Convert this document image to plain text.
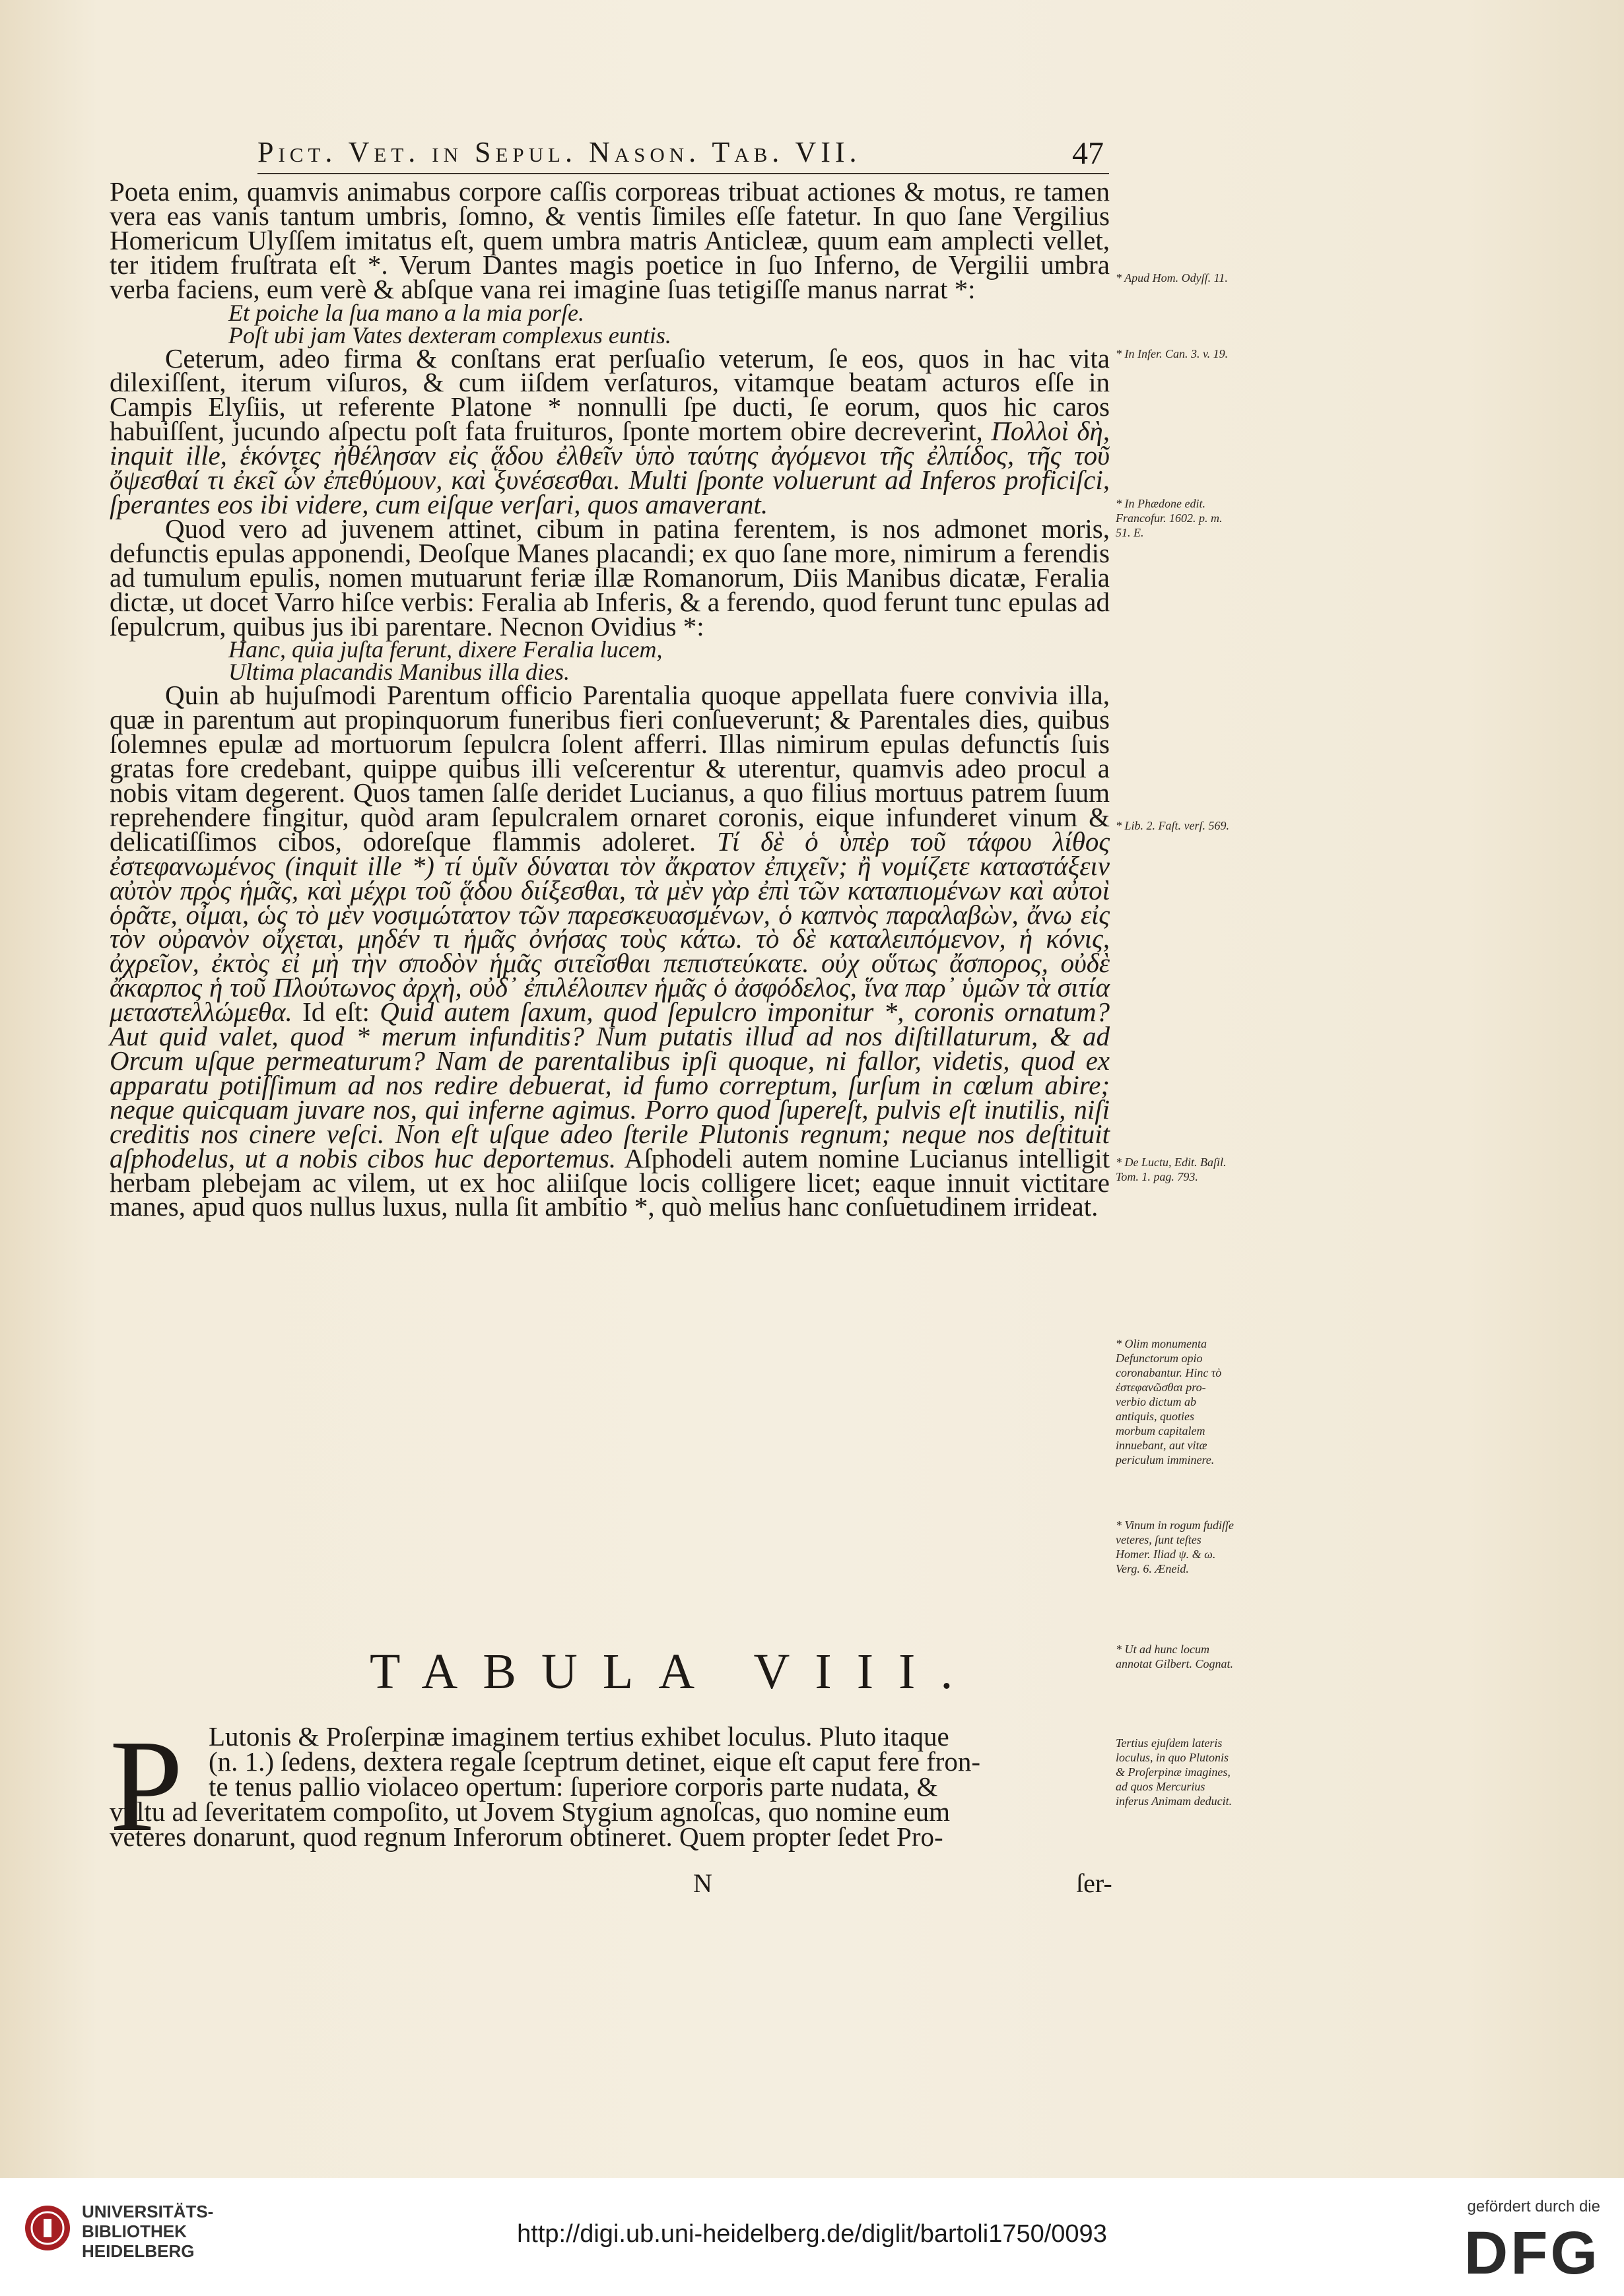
Pict. Vet. in Sepul. Nason. Tab. VII.	47

Poeta enim, quamvis animabus corpore caſſis corporeas tribuat actiones & motus, re tamen vera eas vanis tantum umbris, ſomno, & ventis ſimiles eſſe fatetur. In quo ſane Vergilius Homericum Ulyſſem imitatus eſt, quem umbra matris Anticleæ, quum eam amplecti vellet, ter itidem fruſtrata eſt *. Verum Dantes magis poetice in ſuo Inferno, de Vergilii umbra verba faciens, eum verè & abſque vana rei imagine ſuas tetigiſſe manus narrat *:

Et poiche la ſua mano a la mia porſe.
Poſt ubi jam Vates dexteram complexus euntis.

Ceterum, adeo firma & conſtans erat perſuaſio veterum, ſe eos, quos in hac vita dilexiſſent, iterum viſuros, & cum iiſdem verſaturos, vitamque beatam acturos eſſe in Campis Elyſiis, ut referente Platone * nonnulli ſpe ducti, ſe eorum, quos hic caros habuiſſent, jucundo aſpectu poſt fata fruituros, ſponte mortem obire decreverint, Πολλοὶ δὴ, inquit ille, ἑκόντες ἠθέλησαν εἰς ᾅδου ἐλθεῖν ὑπὸ ταύτης ἀγόμενοι τῆς ἐλπίδος, τῆς τοῦ ὄψεσθαί τι ἐκεῖ ὧν ἐπεθύμουν, καὶ ξυνέσεσθαι. Multi ſponte voluerunt ad Inferos proficiſci, ſperantes eos ibi videre, cum eiſque verſari, quos amaverant.

Quod vero ad juvenem attinet, cibum in patina ferentem, is nos admonet moris, defunctis epulas apponendi, Deoſque Manes placandi; ex quo ſane more, nimirum a ferendis ad tumulum epulis, nomen mutuarunt feriæ illæ Romanorum, Diis Manibus dicatæ, Feralia dictæ, ut docet Varro hiſce verbis: Feralia ab Inferis, & a ferendo, quod ferunt tunc epulas ad ſepulcrum, quibus jus ibi parentare. Necnon Ovidius *:

Hanc, quia juſta ferunt, dixere Feralia lucem,
Ultima placandis Manibus illa dies.

Quin ab hujuſmodi Parentum officio Parentalia quoque appellata fuere convivia illa, quæ in parentum aut propinquorum funeribus fieri conſueverunt; & Parentales dies, quibus ſolemnes epulæ ad mortuorum ſepulcra ſolent afferri. Illas nimirum epulas defunctis ſuis gratas fore credebant, quippe quibus illi veſcerentur & uterentur, quamvis adeo procul a nobis vitam degerent. Quos tamen ſalſe deridet Lucianus, a quo filius mortuus patrem ſuum reprehendere fingitur, quòd aram ſepulcralem ornaret coronis, eique infunderet vinum & delicatiſſimos cibos, odoreſque flammis adoleret. Τί δὲ ὁ ὑπὲρ τοῦ τάφου λίθος ἐστεφανωμένος (inquit ille *) τί ὑμῖν δύναται τὸν ἄκρατον ἐπιχεῖν; ἢ νομίζετε καταστάξειν αὐτὸν πρὸς ἡμᾶς, καὶ μέχρι τοῦ ᾅδου διίξεσθαι, τὰ μὲν γὰρ ἐπὶ τῶν καταπιομένων καὶ αὐτοὶ ὁρᾶτε, οἶμαι, ὡς τὸ μὲν νοσιμώτατον τῶν παρεσκευασμένων, ὁ καπνὸς παραλαβὼν, ἄνω εἰς τὸν οὐρανὸν οἴχεται, μηδέν τι ἡμᾶς ὀνήσας τοὺς κάτω. τὸ δὲ καταλειπόμενον, ἡ κόνις, ἀχρεῖον, ἐκτὸς εἰ μὴ τὴν σποδὸν ἡμᾶς σιτεῖσθαι πεπιστεύκατε. οὐχ οὕτως ἄσπορος, οὐδὲ ἄκαρπος ἡ τοῦ Πλούτωνος ἀρχὴ, οὐδ᾽ ἐπιλέλοιπεν ἡμᾶς ὁ ἀσφόδελος, ἵνα παρ᾽ ὑμῶν τὰ σιτία μεταστελλώμεθα. Id eſt: Quid autem ſaxum, quod ſepulcro imponitur *, coronis ornatum? Aut quid valet, quod * merum infunditis? Num putatis illud ad nos diſtillaturum, & ad Orcum uſque permeaturum? Nam de parentalibus ipſi quoque, ni fallor, videtis, quod ex apparatu potiſſimum ad nos redire debuerat, id fumo correptum, ſurſum in cœlum abire; neque quicquam juvare nos, qui inferne agimus. Porro quod ſupereſt, pulvis eſt inutilis, niſi creditis nos cinere veſci. Non eſt uſque adeo ſterile Plutonis regnum; neque nos deſtituit aſphodelus, ut a nobis cibos huc deportemus. Aſphodeli autem nomine Lucianus intelligit herbam plebejam ac vilem, ut ex hoc aliiſque locis colligere licet; eaque innuit victitare manes, apud quos nullus luxus, nulla ſit ambitio *, quò melius hanc conſuetudinem irrideat.

* Apud Hom. Odyſſ. 11.
* In Infer. Can. 3. v. 19.
* In Phædone edit. Francofur. 1602. p. m. 51. E.
* Lib. 2. Faſt. verſ. 569.
* De Luctu, Edit. Baſil. Tom. 1. pag. 793.
* Olim monumenta Defunctorum opio coronabantur. Hinc τὸ ἐστεφανῶσθαι pro- verbio dictum ab antiquis, quoties morbum capitalem innuebant, aut vitæ periculum imminere.
* Vinum in rogum fudiſſe veteres, ſunt teſtes Homer. Iliad ψ. & ω. Verg. 6. Æneid.
* Ut ad hunc locum annotat Gilbert. Cognat.
Tertius ejuſdem lateris loculus, in quo Plutonis & Proſerpinæ imagines, ad quos Mercurius inferus Animam deducit.
TABULA VIII.
P Lutonis & Proſerpinæ imaginem tertius exhibet loculus. Pluto itaque
(n. 1.) ſedens, dextera regale ſceptrum detinet, eique eſt caput fere fron-
te tenus pallio violaceo opertum: ſuperiore corporis parte nudata, &
vultu ad ſeveritatem compoſito, ut Jovem Stygium agnoſcas, quo nomine eum
veteres donarunt, quod regnum Inferorum obtineret. Quem propter ſedet Pro-
N	ſer-
UNIVERSITÄTS-
BIBLIOTHEK
HEIDELBERG
http://digi.ub.uni-heidelberg.de/diglit/bartoli1750/0093
gefördert durch die
DFG
